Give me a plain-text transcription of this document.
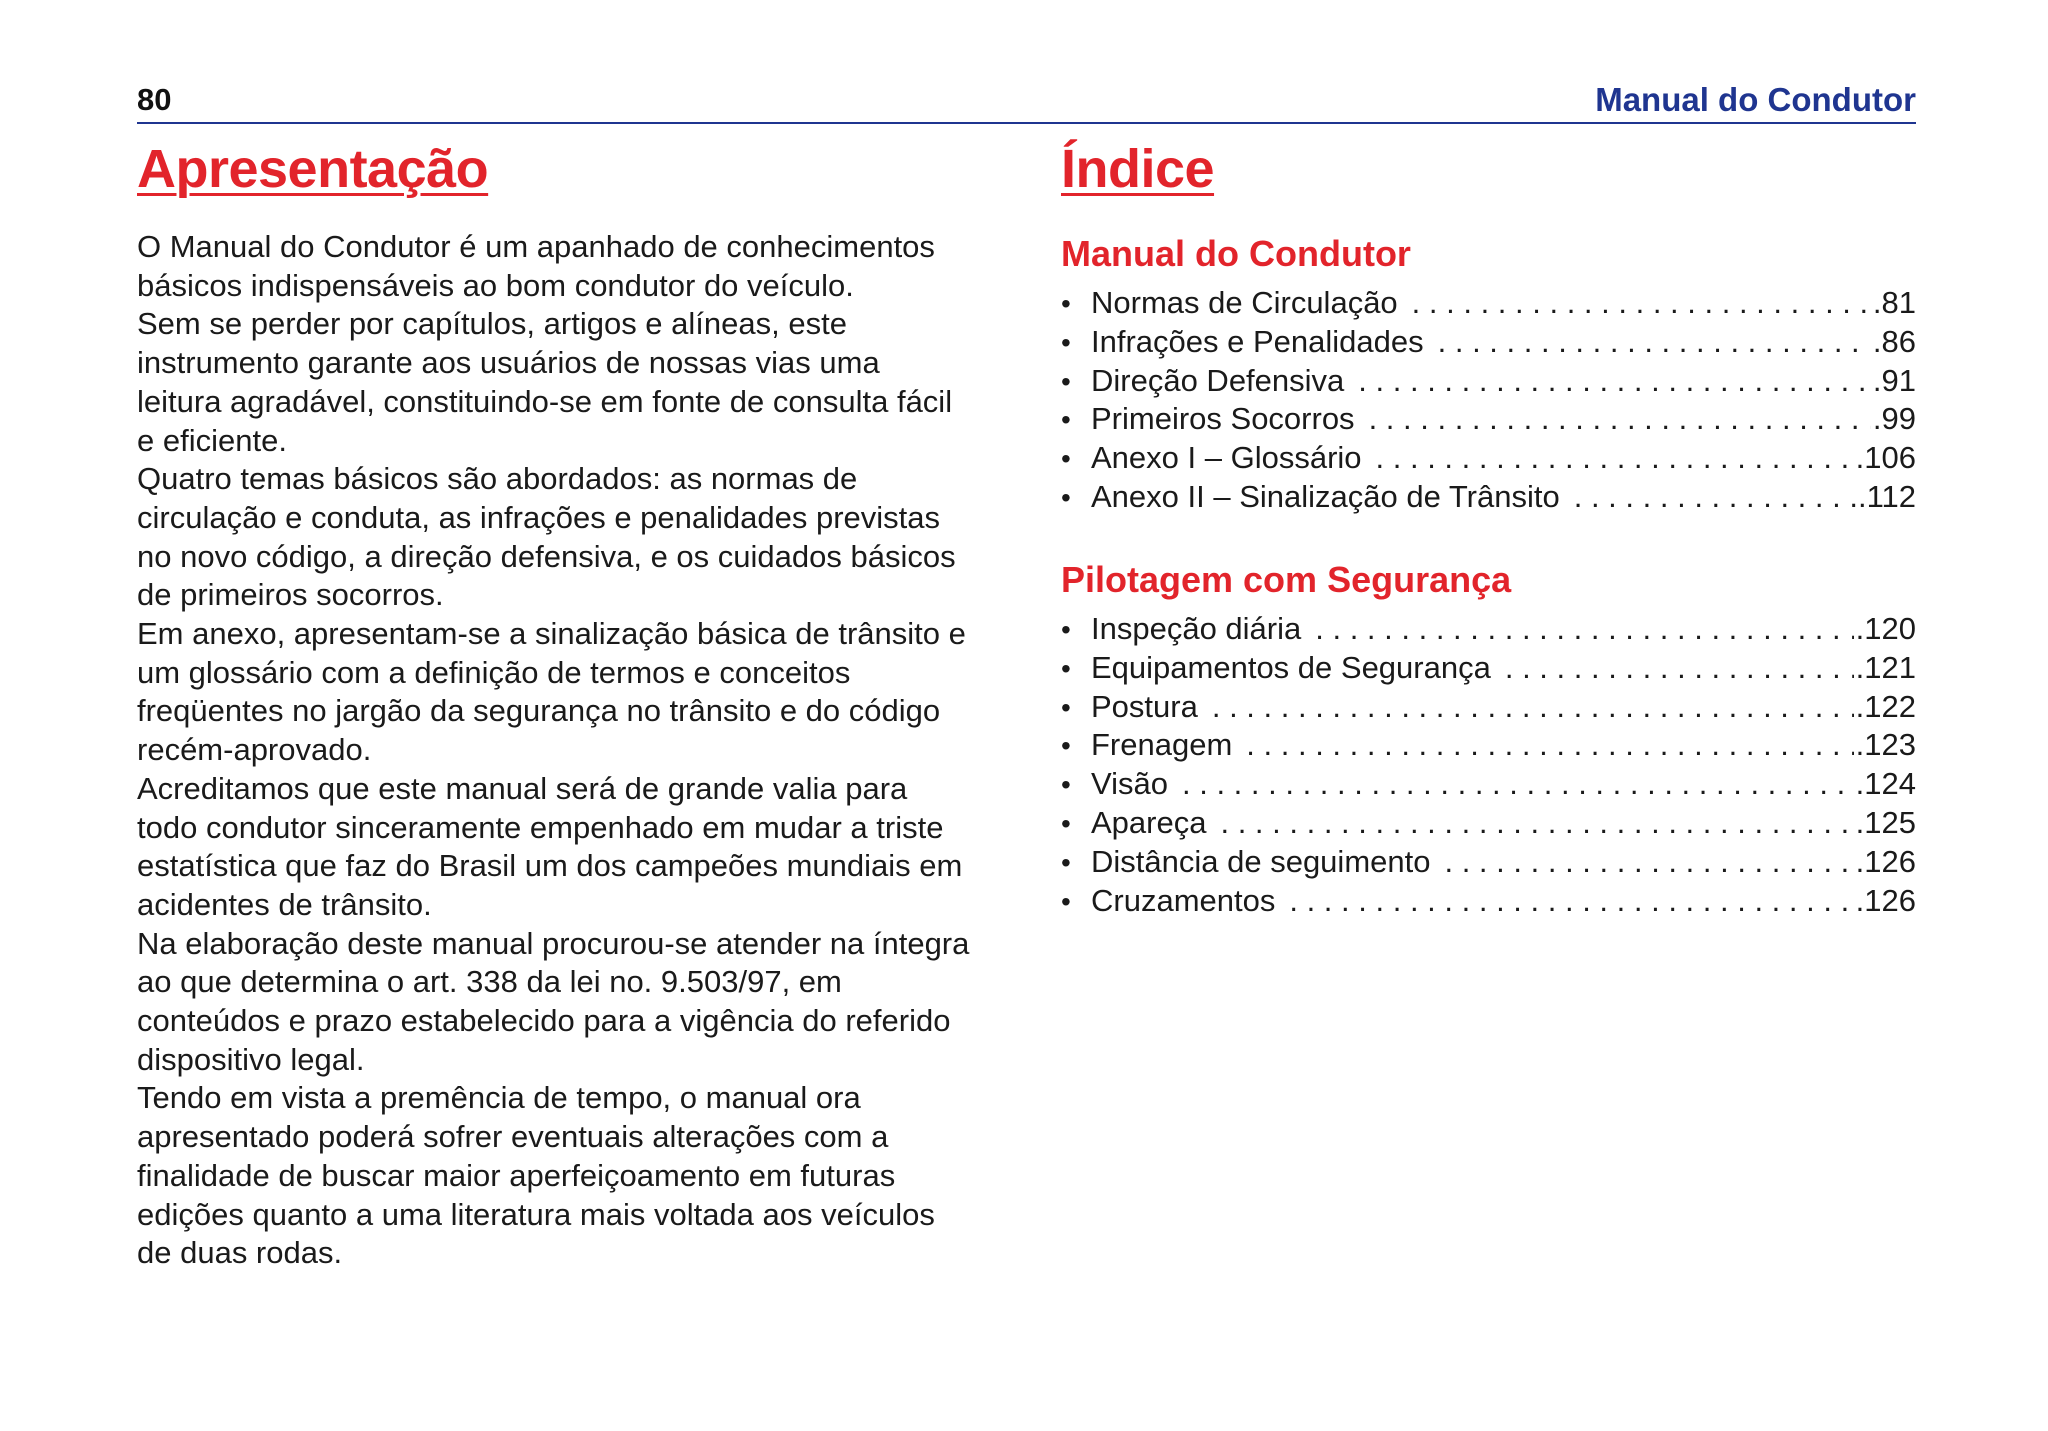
80	Manual do Condutor
Apresentação

O Manual do Condutor é um apanhado de conhecimentos

básicos indispensáveis ao bom condutor do veículo.

Sem se perder por capítulos, artigos e alíneas, este

instrumento garante aos usuários de nossas vias uma

leitura agradável, constituindo-se em fonte de consulta fácil

e eficiente.

Quatro temas básicos são abordados: as normas de

circulação e conduta, as infrações e penalidades previstas

no novo código, a direção defensiva, e os cuidados básicos

de primeiros socorros.

Em anexo, apresentam-se a sinalização básica de trânsito e

um glossário com a definição de termos e conceitos

freqüentes no jargão da segurança no trânsito e do código

recém-aprovado.

Acreditamos que este manual será de grande valia para

todo condutor sinceramente empenhado em mudar a triste

estatística que faz do Brasil um dos campeões mundiais em

acidentes de trânsito.

Na elaboração deste manual procurou-se atender na íntegra

ao que determina o art. 338 da lei no. 9.503/97, em

conteúdos e prazo estabelecido para a vigência do referido

dispositivo legal.

Tendo em vista a premência de tempo, o manual ora

apresentado poderá sofrer eventuais alterações com a

finalidade de buscar maior aperfeiçoamento em futuras

edições quanto a uma literatura mais voltada aos veículos

de duas rodas.

Índice
Manual do Condutor
• Normas de Circulação . . .	.81
• Infrações e Penalidades . . .	.86
• Direção Defensiva . . .	.91
• Primeiros Socorros . . .	.99
• Anexo I – Glossário . . .	.106
• Anexo II – Sinalização de Trânsito . . .	.112
Pilotagem com Segurança
• Inspeção diária . . .	.120
• Equipamentos de Segurança . . .	.121
• Postura . . .	.122
• Frenagem . . .	.123
• Visão . . .	.124
• Apareça . . .	.125
• Distância de seguimento . . .	.126
• Cruzamentos . . .	.126
